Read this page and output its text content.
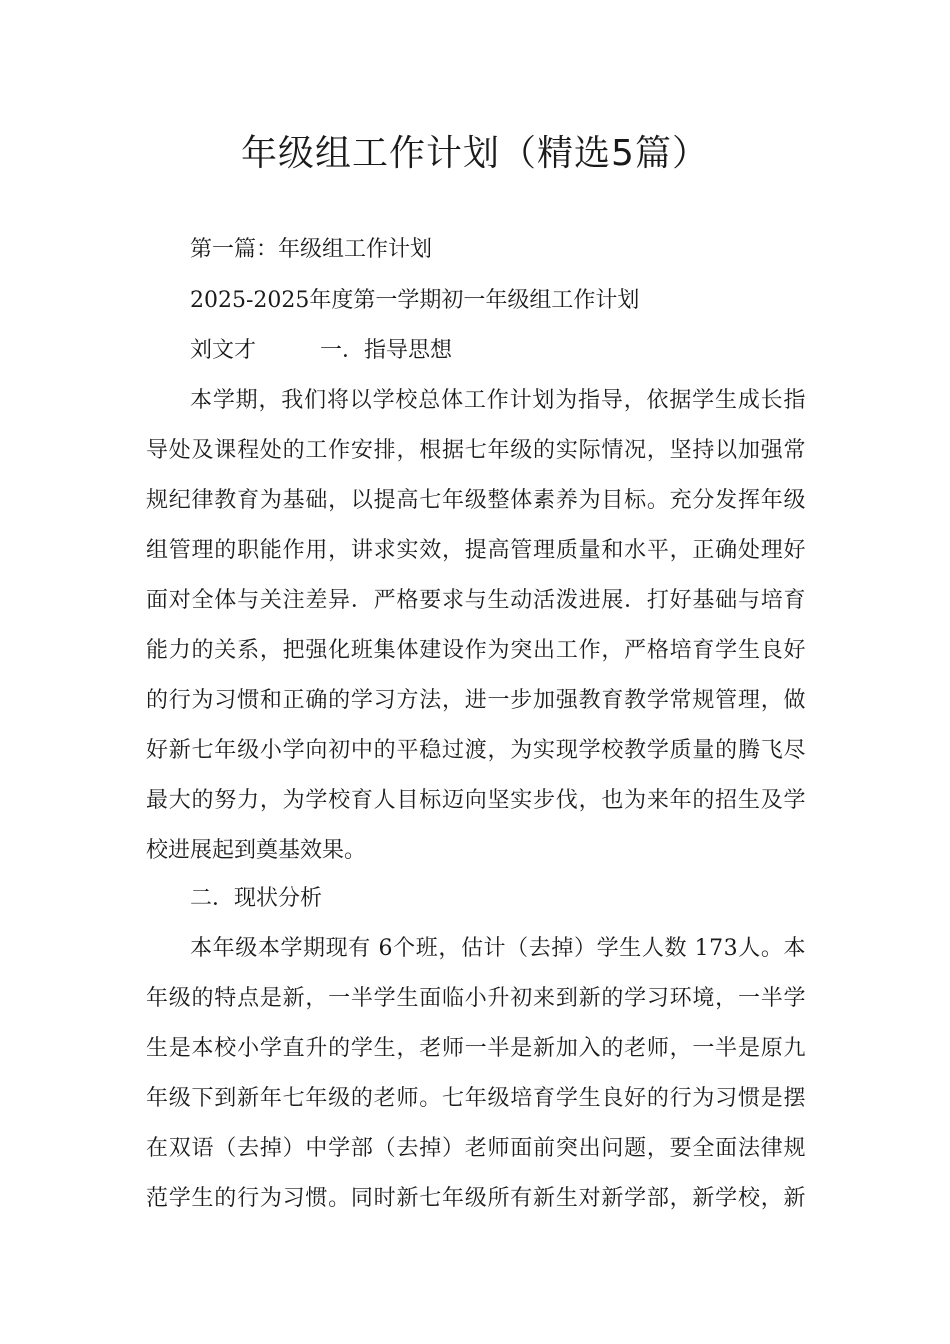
年级组工作计划（精选5篇）

第一篇：年级组工作计划

2025-2025年度第一学期初一年级组工作计划

刘文才	一．指导思想

本学期，我们将以学校总体工作计划为指导，依据学生成长指

导处及课程处的工作安排，根据七年级的实际情况，坚持以加强常

规纪律教育为基础，以提高七年级整体素养为目标。充分发挥年级

组管理的职能作用，讲求实效，提高管理质量和水平，正确处理好

面对全体与关注差异．严格要求与生动活泼进展．打好基础与培育

能力的关系，把强化班集体建设作为突出工作，严格培育学生良好

的行为习惯和正确的学习方法，进一步加强教育教学常规管理，做

好新七年级小学向初中的平稳过渡，为实现学校教学质量的腾飞尽

最大的努力，为学校育人目标迈向坚实步伐，也为来年的招生及学

校进展起到奠基效果。

二．现状分析

本年级本学期现有 6个班，估计（去掉）学生人数 173人。本

年级的特点是新，一半学生面临小升初来到新的学习环境，一半学

生是本校小学直升的学生，老师一半是新加入的老师，一半是原九

年级下到新年七年级的老师。七年级培育学生良好的行为习惯是摆

在双语（去掉）中学部（去掉）老师面前突出问题，要全面法律规

范学生的行为习惯。同时新七年级所有新生对新学部，新学校，新
